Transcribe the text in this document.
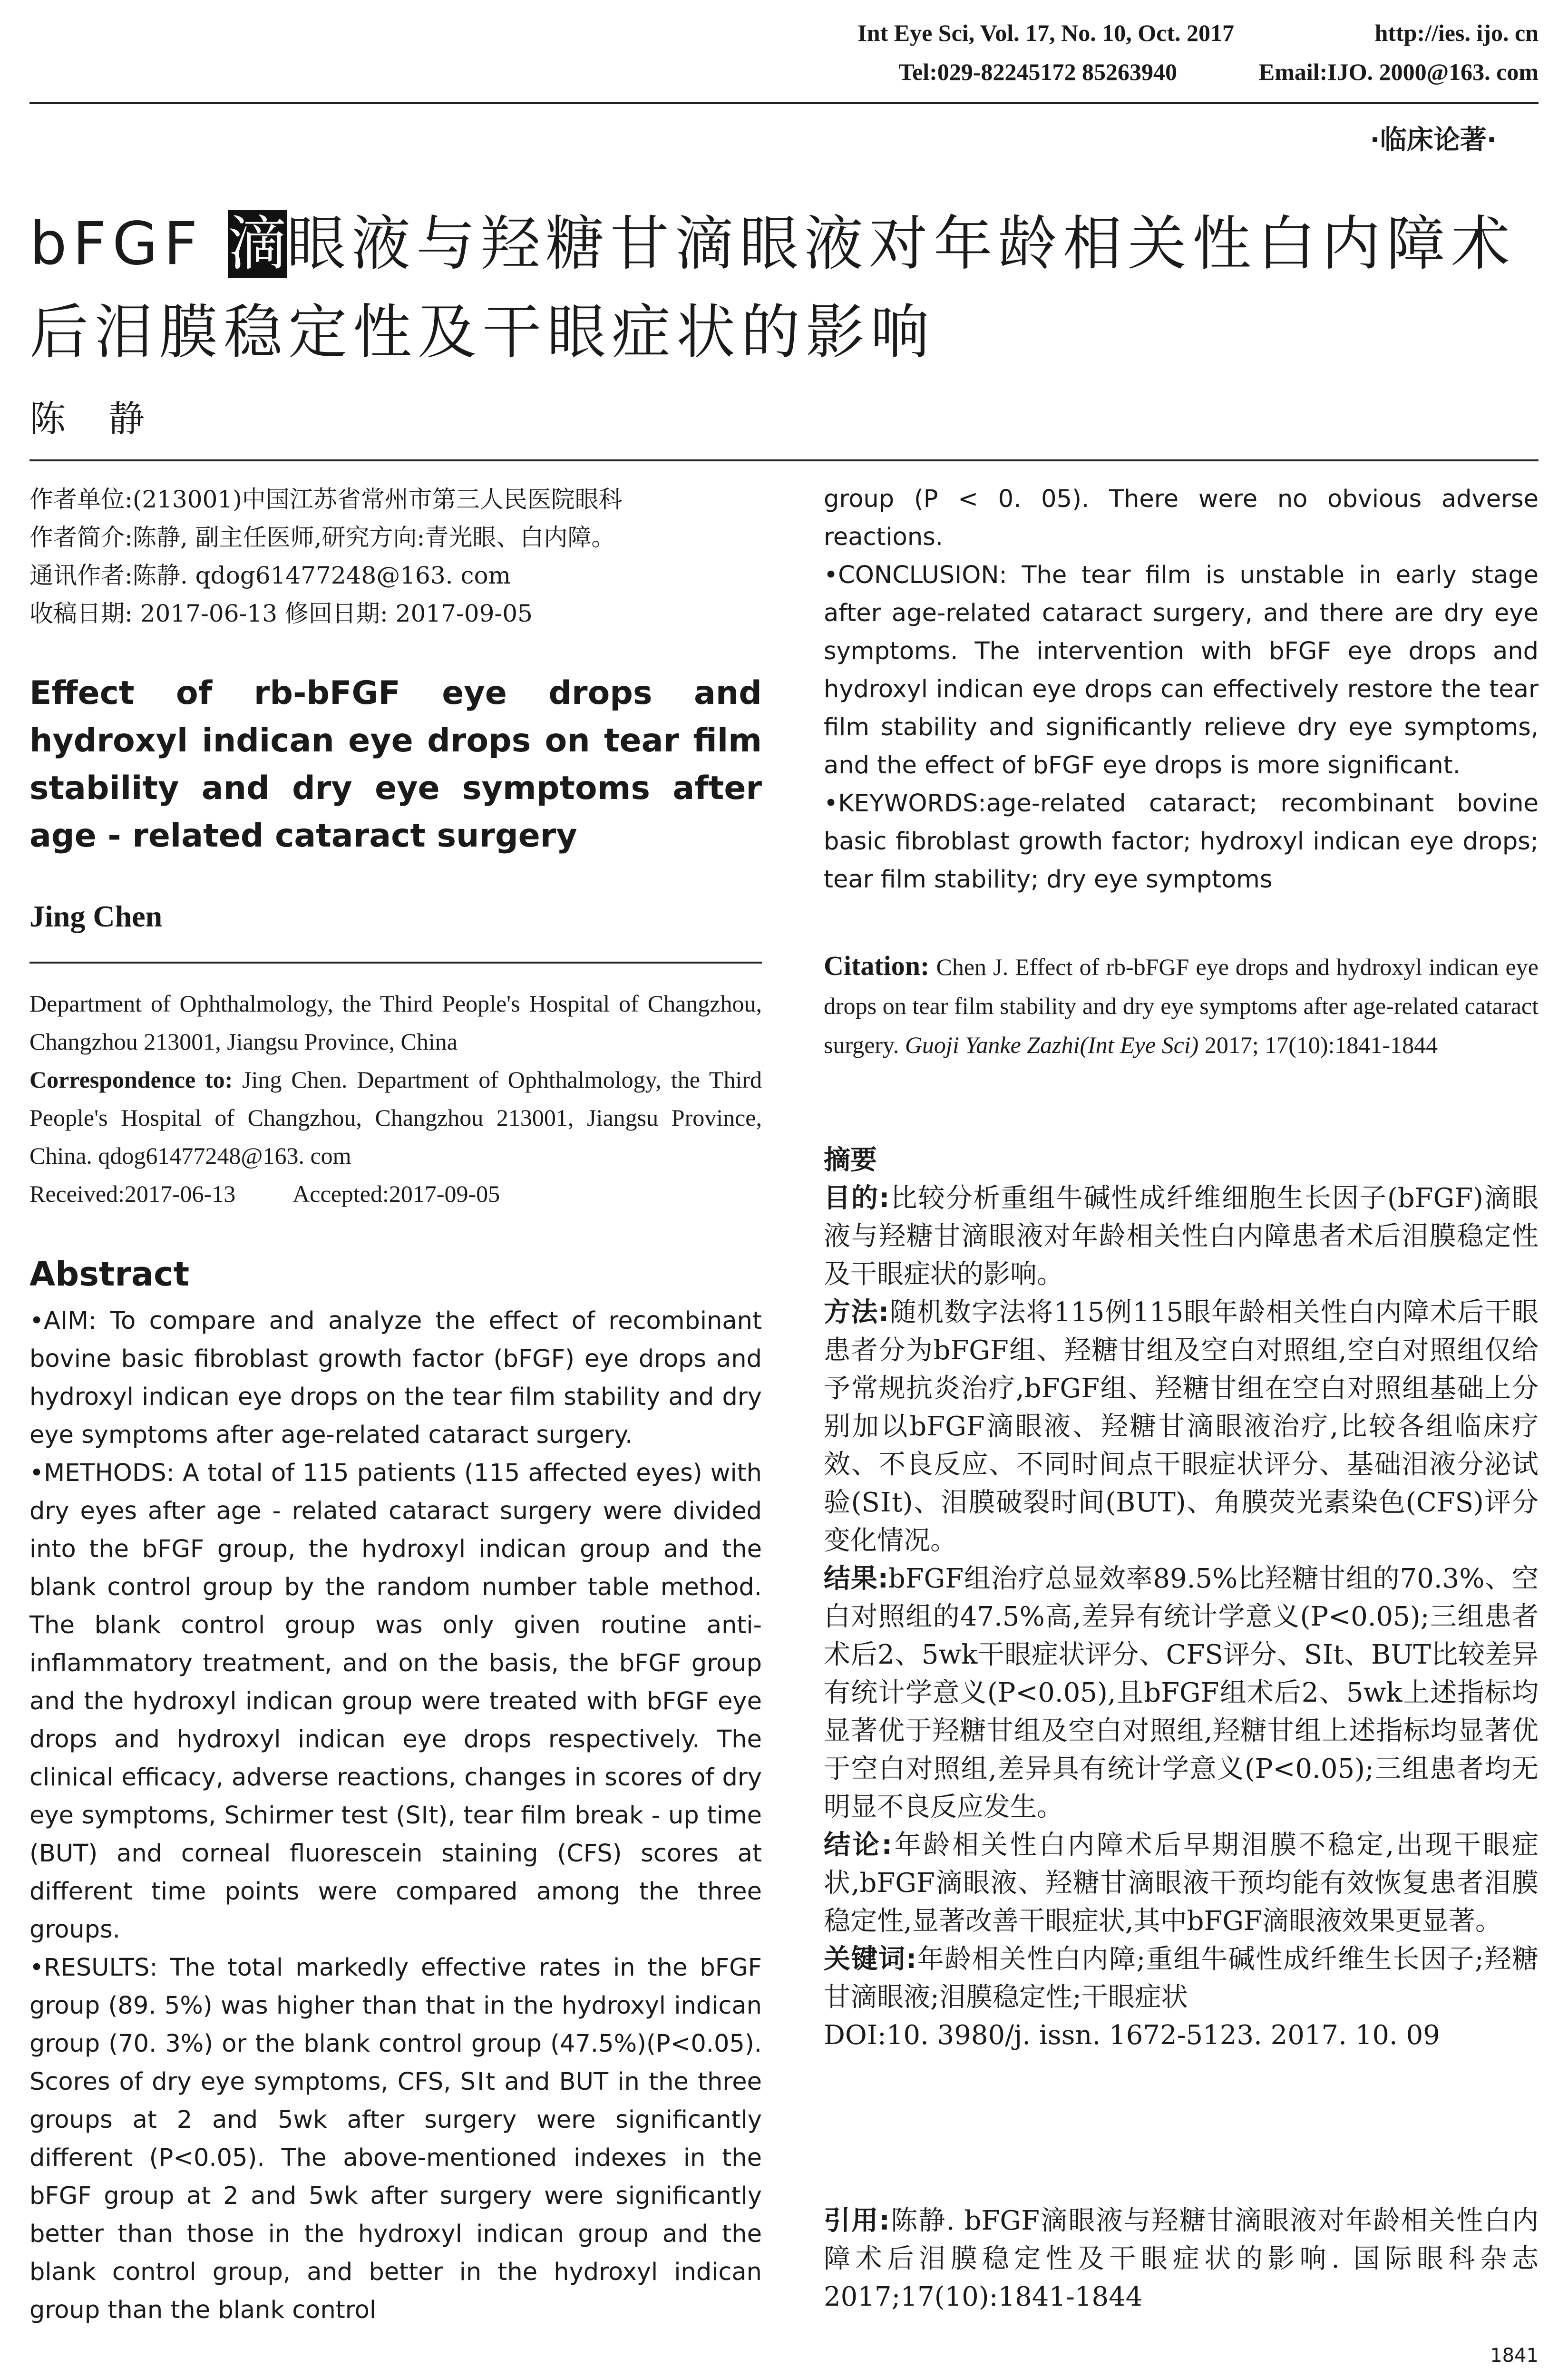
Int Eye Sci, Vol. 17, No. 10, Oct. 2017	http://ies. ijo. cn
Tel:029-82245172 85263940	Email:IJO. 2000@163. com
·临床论著·
bFGF 滴眼液与羟糖甘滴眼液对年龄相关性白内障术后泪膜稳定性及干眼症状的影响
陈静
作者单位:(213001)中国江苏省常州市第三人民医院眼科
作者简介:陈静, 副主任医师,研究方向:青光眼、白内障。
通讯作者:陈静. qdog61477248@163. com
收稿日期: 2017-06-13 修回日期: 2017-09-05
Effect of rb-bFGF eye drops and hydroxyl indican eye drops on tear film stability and dry eye symptoms after age - related cataract surgery
Jing Chen
Department of Ophthalmology, the Third People's Hospital of Changzhou, Changzhou 213001, Jiangsu Province, China
Correspondence to: Jing Chen. Department of Ophthalmology, the Third People's Hospital of Changzhou, Changzhou 213001, Jiangsu Province, China. qdog61477248@163. com
Received:2017-06-13 Accepted:2017-09-05
Abstract

•AIM: To compare and analyze the effect of recombinant bovine basic fibroblast growth factor (bFGF) eye drops and hydroxyl indican eye drops on the tear film stability and dry eye symptoms after age-related cataract surgery.

•METHODS: A total of 115 patients (115 affected eyes) with dry eyes after age - related cataract surgery were divided into the bFGF group, the hydroxyl indican group and the blank control group by the random number table method. The blank control group was only given routine anti-inflammatory treatment, and on the basis, the bFGF group and the hydroxyl indican group were treated with bFGF eye drops and hydroxyl indican eye drops respectively. The clinical efficacy, adverse reactions, changes in scores of dry eye symptoms, Schirmer test (SⅠt), tear film break - up time (BUT) and corneal fluorescein staining (CFS) scores at different time points were compared among the three groups.

•RESULTS: The total markedly effective rates in the bFGF group (89. 5%) was higher than that in the hydroxyl indican group (70. 3%) or the blank control group (47.5%)(P<0.05). Scores of dry eye symptoms, CFS, SⅠt and BUT in the three groups at 2 and 5wk after surgery were significantly different (P<0.05). The above-mentioned indexes in the bFGF group at 2 and 5wk after surgery were significantly better than those in the hydroxyl indican group and the blank control group, and better in the hydroxyl indican group than the blank control

group (P < 0. 05). There were no obvious adverse reactions.

•CONCLUSION: The tear film is unstable in early stage after age-related cataract surgery, and there are dry eye symptoms. The intervention with bFGF eye drops and hydroxyl indican eye drops can effectively restore the tear film stability and significantly relieve dry eye symptoms, and the effect of bFGF eye drops is more significant.

•KEYWORDS:age-related cataract; recombinant bovine basic fibroblast growth factor; hydroxyl indican eye drops; tear film stability; dry eye symptoms

Citation: Chen J. Effect of rb-bFGF eye drops and hydroxyl indican eye drops on tear film stability and dry eye symptoms after age-related cataract surgery. Guoji Yanke Zazhi(Int Eye Sci) 2017; 17(10):1841-1844

摘要

目的:比较分析重组牛碱性成纤维细胞生长因子(bFGF)滴眼液与羟糖甘滴眼液对年龄相关性白内障患者术后泪膜稳定性及干眼症状的影响。

方法:随机数字法将115例115眼年龄相关性白内障术后干眼患者分为bFGF组、羟糖甘组及空白对照组,空白对照组仅给予常规抗炎治疗,bFGF组、羟糖甘组在空白对照组基础上分别加以bFGF滴眼液、羟糖甘滴眼液治疗,比较各组临床疗效、不良反应、不同时间点干眼症状评分、基础泪液分泌试验(SⅠt)、泪膜破裂时间(BUT)、角膜荧光素染色(CFS)评分变化情况。

结果:bFGF组治疗总显效率89.5%比羟糖甘组的70.3%、空白对照组的47.5%高,差异有统计学意义(P<0.05);三组患者术后2、5wk干眼症状评分、CFS评分、SⅠt、BUT比较差异有统计学意义(P<0.05),且bFGF组术后2、5wk上述指标均显著优于羟糖甘组及空白对照组,羟糖甘组上述指标均显著优于空白对照组,差异具有统计学意义(P<0.05);三组患者均无明显不良反应发生。

结论:年龄相关性白内障术后早期泪膜不稳定,出现干眼症状,bFGF滴眼液、羟糖甘滴眼液干预均能有效恢复患者泪膜稳定性,显著改善干眼症状,其中bFGF滴眼液效果更显著。

关键词:年龄相关性白内障;重组牛碱性成纤维生长因子;羟糖甘滴眼液;泪膜稳定性;干眼症状

DOI:10. 3980/j. issn. 1672-5123. 2017. 10. 09

引用:陈静. bFGF滴眼液与羟糖甘滴眼液对年龄相关性白内障术后泪膜稳定性及干眼症状的影响. 国际眼科杂志 2017;17(10):1841-1844
1841
